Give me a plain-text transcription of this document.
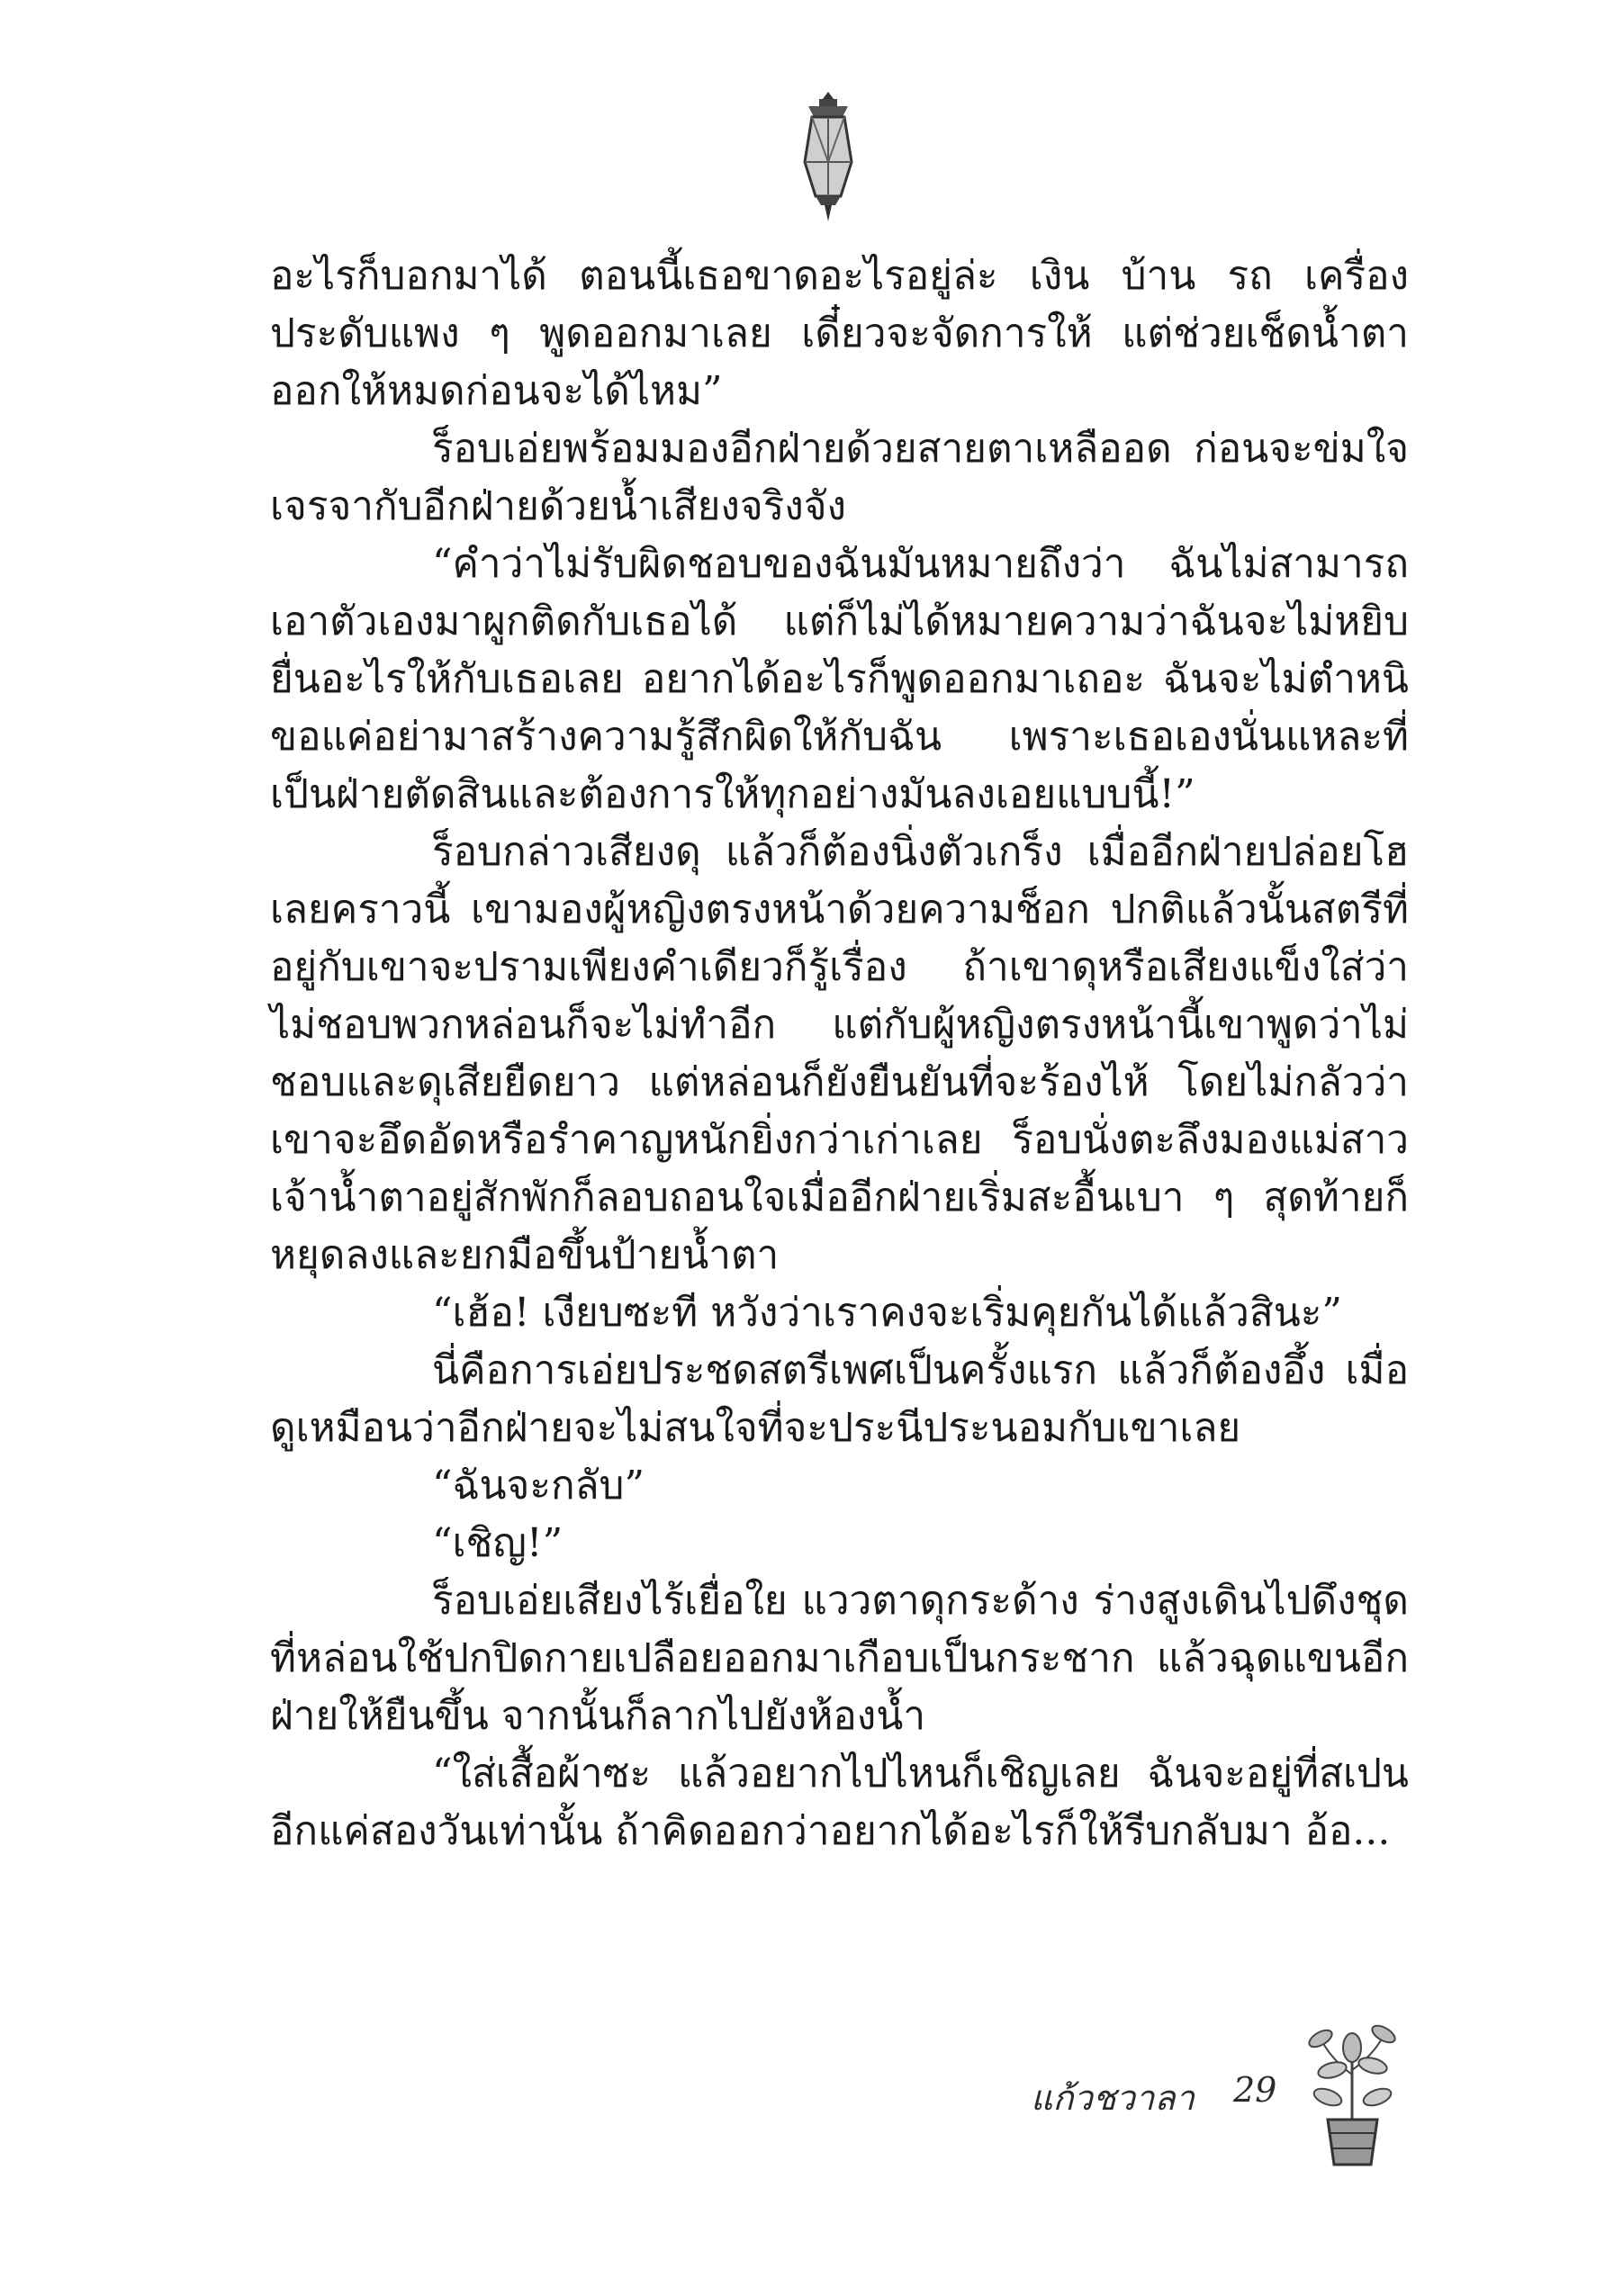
อะไรก็บอกมาได้ ตอนนี้เธอขาดอะไรอยู่ล่ะ เงิน บ้าน รถ เครื่องประดับแพง ๆ พูดออกมาเลย เดี๋ยวจะจัดการให้ แต่ช่วยเช็ดน้ำตาออกให้หมดก่อนจะได้ไหม”

ร็อบเอ่ยพร้อมมองอีกฝ่ายด้วยสายตาเหลืออด ก่อนจะข่มใจเจรจากับอีกฝ่ายด้วยน้ำเสียงจริงจัง

“คำว่าไม่รับผิดชอบของฉันมันหมายถึงว่า ฉันไม่สามารถเอาตัวเองมาผูกติดกับเธอได้ แต่ก็ไม่ได้หมายความว่าฉันจะไม่หยิบยื่นอะไรให้กับเธอเลย อยากได้อะไรก็พูดออกมาเถอะ ฉันจะไม่ตำหนิ ขอแค่อย่ามาสร้างความรู้สึกผิดให้กับฉัน เพราะเธอเองนั่นแหละที่เป็นฝ่ายตัดสินและต้องการให้ทุกอย่างมันลงเอยแบบนี้!”

ร็อบกล่าวเสียงดุ แล้วก็ต้องนิ่งตัวเกร็ง เมื่ออีกฝ่ายปล่อยโฮเลยคราวนี้ เขามองผู้หญิงตรงหน้าด้วยความช็อก ปกติแล้วนั้นสตรีที่อยู่กับเขาจะปรามเพียงคำเดียวก็รู้เรื่อง ถ้าเขาดุหรือเสียงแข็งใส่ว่าไม่ชอบพวกหล่อนก็จะไม่ทำอีก แต่กับผู้หญิงตรงหน้านี้เขาพูดว่าไม่ชอบและดุเสียยืดยาว แต่หล่อนก็ยังยืนยันที่จะร้องไห้ โดยไม่กลัวว่าเขาจะอึดอัดหรือรำคาญหนักยิ่งกว่าเก่าเลย ร็อบนั่งตะลึงมองแม่สาวเจ้าน้ำตาอยู่สักพักก็ลอบถอนใจเมื่ออีกฝ่ายเริ่มสะอื้นเบา ๆ สุดท้ายก็หยุดลงและยกมือขึ้นป้ายน้ำตา

“เฮ้อ! เงียบซะที หวังว่าเราคงจะเริ่มคุยกันได้แล้วสินะ”

นี่คือการเอ่ยประชดสตรีเพศเป็นครั้งแรก แล้วก็ต้องอึ้ง เมื่อดูเหมือนว่าอีกฝ่ายจะไม่สนใจที่จะประนีประนอมกับเขาเลย

“ฉันจะกลับ”

“เชิญ!”

ร็อบเอ่ยเสียงไร้เยื่อใย แววตาดุกระด้าง ร่างสูงเดินไปดึงชุดที่หล่อนใช้ปกปิดกายเปลือยออกมาเกือบเป็นกระชาก แล้วฉุดแขนอีกฝ่ายให้ยืนขึ้น จากนั้นก็ลากไปยังห้องน้ำ

“ใส่เสื้อผ้าซะ แล้วอยากไปไหนก็เชิญเลย ฉันจะอยู่ที่สเปนอีกแค่สองวันเท่านั้น ถ้าคิดออกว่าอยากได้อะไรก็ให้รีบกลับมา อ้อ...

แก้วชวาลา 29
